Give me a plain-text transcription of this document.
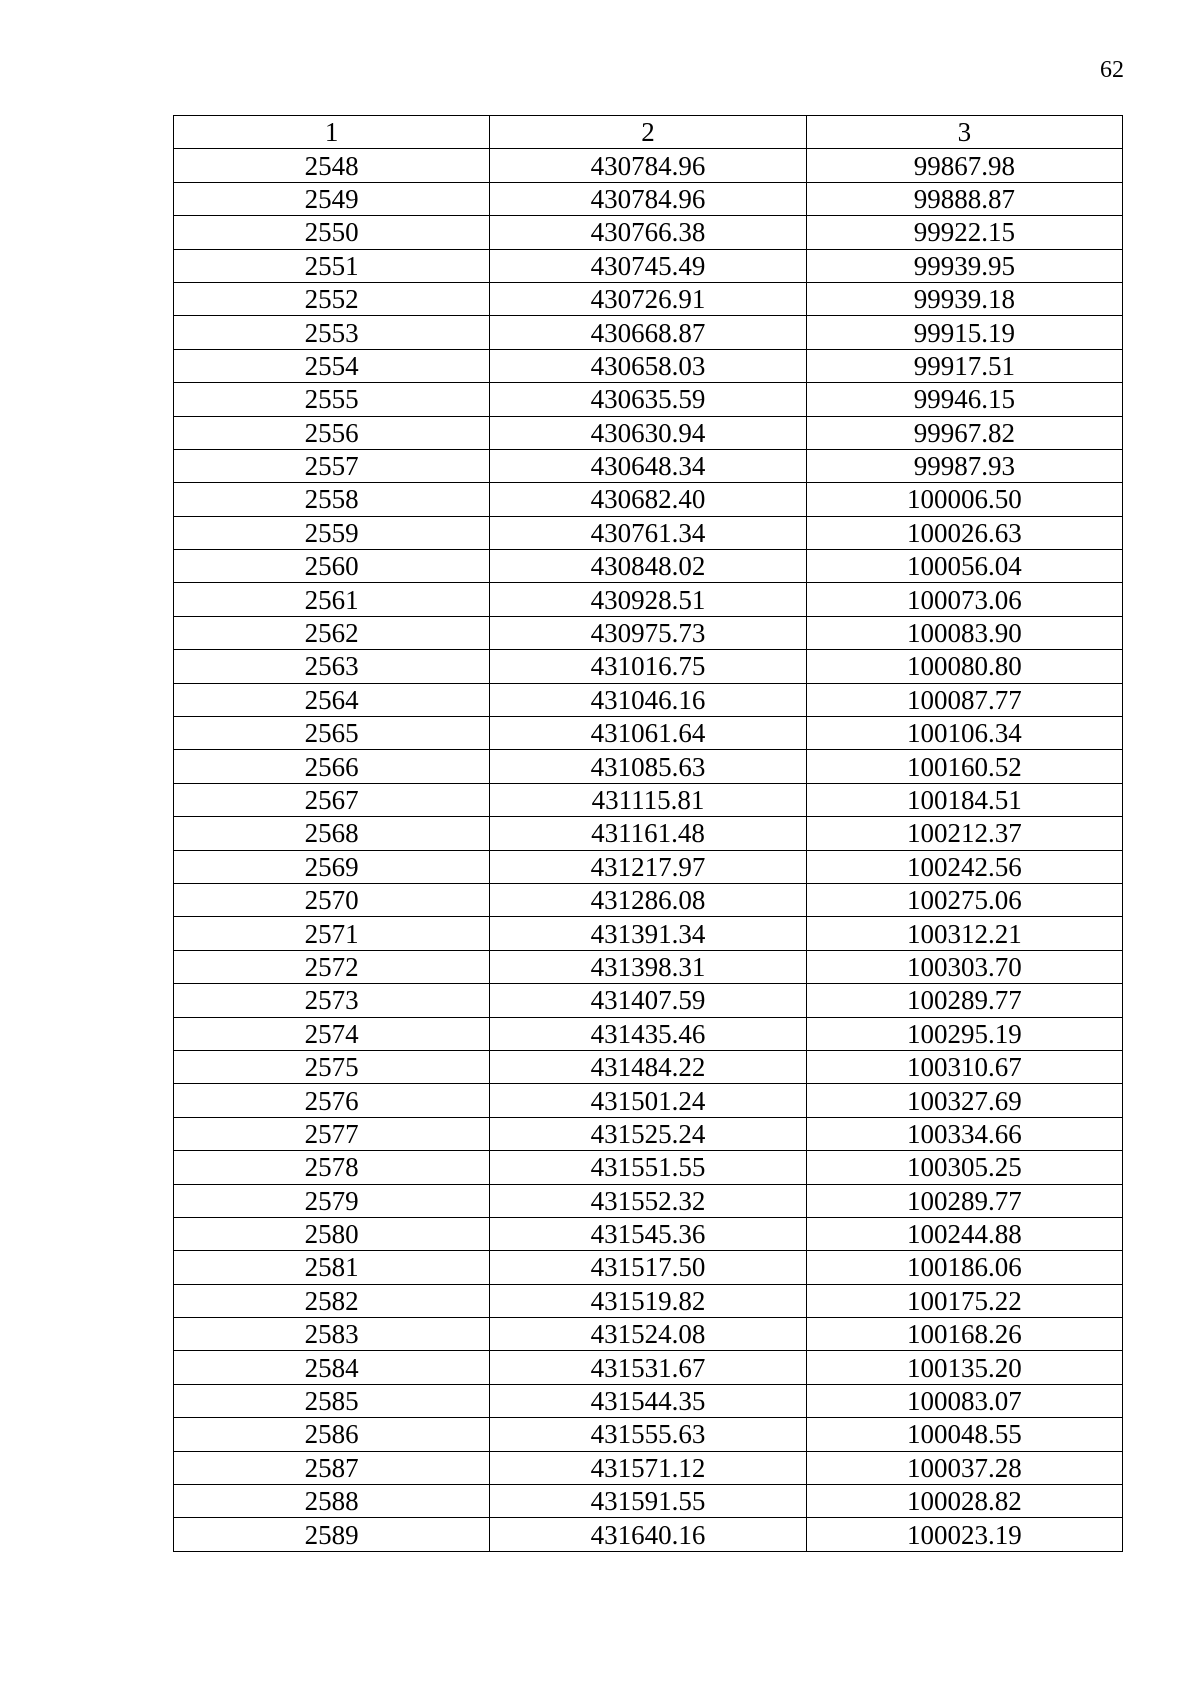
62
1	2	3
2548	430784.96	99867.98
2549	430784.96	99888.87
2550	430766.38	99922.15
2551	430745.49	99939.95
2552	430726.91	99939.18
2553	430668.87	99915.19
2554	430658.03	99917.51
2555	430635.59	99946.15
2556	430630.94	99967.82
2557	430648.34	99987.93
2558	430682.40	100006.50
2559	430761.34	100026.63
2560	430848.02	100056.04
2561	430928.51	100073.06
2562	430975.73	100083.90
2563	431016.75	100080.80
2564	431046.16	100087.77
2565	431061.64	100106.34
2566	431085.63	100160.52
2567	431115.81	100184.51
2568	431161.48	100212.37
2569	431217.97	100242.56
2570	431286.08	100275.06
2571	431391.34	100312.21
2572	431398.31	100303.70
2573	431407.59	100289.77
2574	431435.46	100295.19
2575	431484.22	100310.67
2576	431501.24	100327.69
2577	431525.24	100334.66
2578	431551.55	100305.25
2579	431552.32	100289.77
2580	431545.36	100244.88
2581	431517.50	100186.06
2582	431519.82	100175.22
2583	431524.08	100168.26
2584	431531.67	100135.20
2585	431544.35	100083.07
2586	431555.63	100048.55
2587	431571.12	100037.28
2588	431591.55	100028.82
2589	431640.16	100023.19
